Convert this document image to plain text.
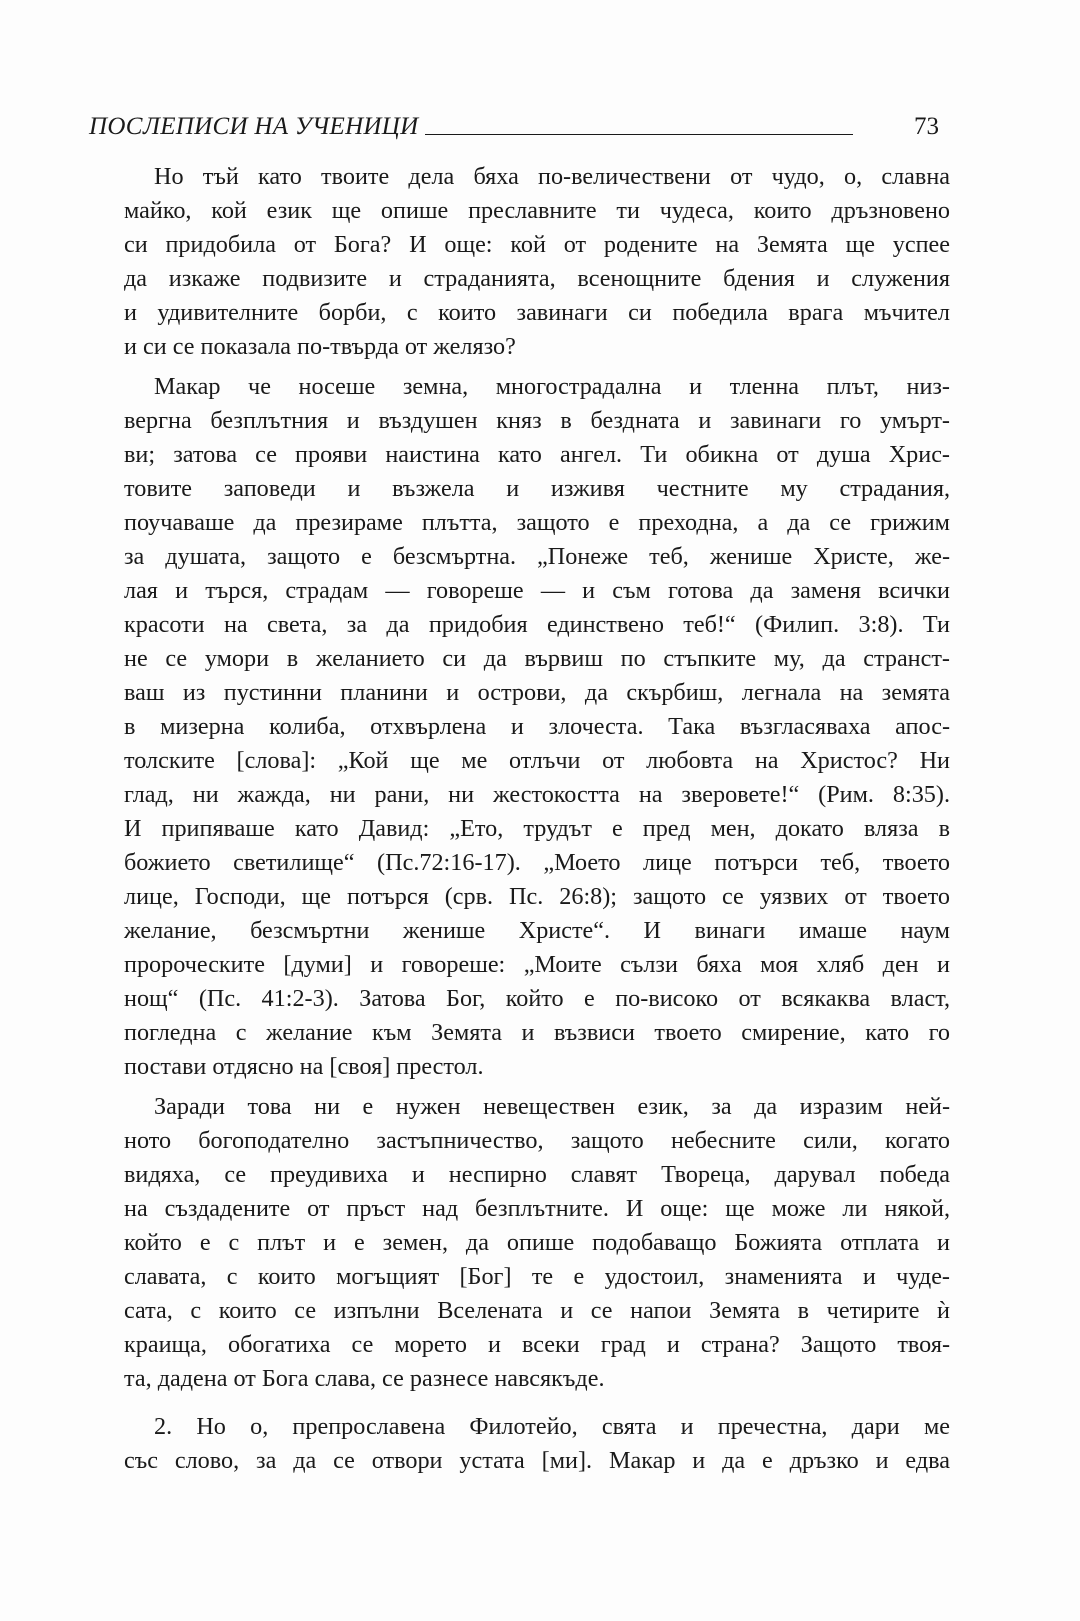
ПОСЛЕПИСИ НА УЧЕНИЦИ	73

Но тъй като твоите дела бяха по-величествени от чудо, о, славна
майко, кой език ще опише преславните ти чудеса, които дръзновено
си придобила от Бога? И още: кой от родените на Земята ще успее
да изкаже подвизите и страданията, всенощните бдения и служения
и удивителните борби, с които завинаги си победила врага мъчител
и си се показала по-твърда от желязо?

Макар че носеше земна, многострадална и тленна плът, низ-
вергна безплътния и въздушен княз в бездната и завинаги го умърт-
ви; затова се прояви наистина като ангел. Ти обикна от душа Хрис-
товите заповеди и възжела и изживя честните му страдания,
поучаваше да презираме плътта, защото е преходна, а да се грижим
за душата, защото е безсмъртна. „Понеже теб, женише Христе, же-
лая и търся, страдам — говореше — и съм готова да заменя всички
красоти на света, за да придобия единствено теб!“ (Филип. 3:8). Ти
не се умори в желанието си да вървиш по стъпките му, да странст-
ваш из пустинни планини и острови, да скърбиш, легнала на земята
в мизерна колиба, отхвърлена и злочеста. Така възгласяваха апос-
толските [слова]: „Кой ще ме отлъчи от любовта на Христос? Ни
глад, ни жажда, ни рани, ни жестокостта на зверовете!“ (Рим. 8:35).
И припяваше като Давид: „Ето, трудът е пред мен, докато вляза в
божието светилище“ (Пс.72:16-17). „Моето лице потърси теб, твоето
лице, Господи, ще потърся (срв. Пс. 26:8); защото се уязвих от твоето
желание, безсмъртни женише Христе“. И винаги имаше наум
пророческите [думи] и говореше: „Моите сълзи бяха моя хляб ден и
нощ“ (Пс. 41:2-3). Затова Бог, който е по-високо от всякаква власт,
погледна с желание към Земята и възвиси твоето смирение, като го
постави отдясно на [своя] престол.

Заради това ни е нужен невеществен език, за да изразим ней-
ното богоподателно застъпничество, защото небесните сили, когато
видяха, се преудивиха и неспирно славят Твореца, дарувал победа
на създадените от пръст над безплътните. И още: ще може ли някой,
който е с плът и е земен, да опише подобаващо Божията отплата и
славата, с които могъщият [Бог] те е удостоил, знаменията и чуде-
сата, с които се изпълни Вселената и се напои Земята в четирите ѝ
краища, обогатиха се морето и всеки град и страна? Защото твоя-
та, дадена от Бога слава, се разнесе навсякъде.

2. Но о, препрославена Филотейо, свята и пречестна, дари ме
със слово, за да се отвори устата [ми]. Макар и да е дръзко и едва
